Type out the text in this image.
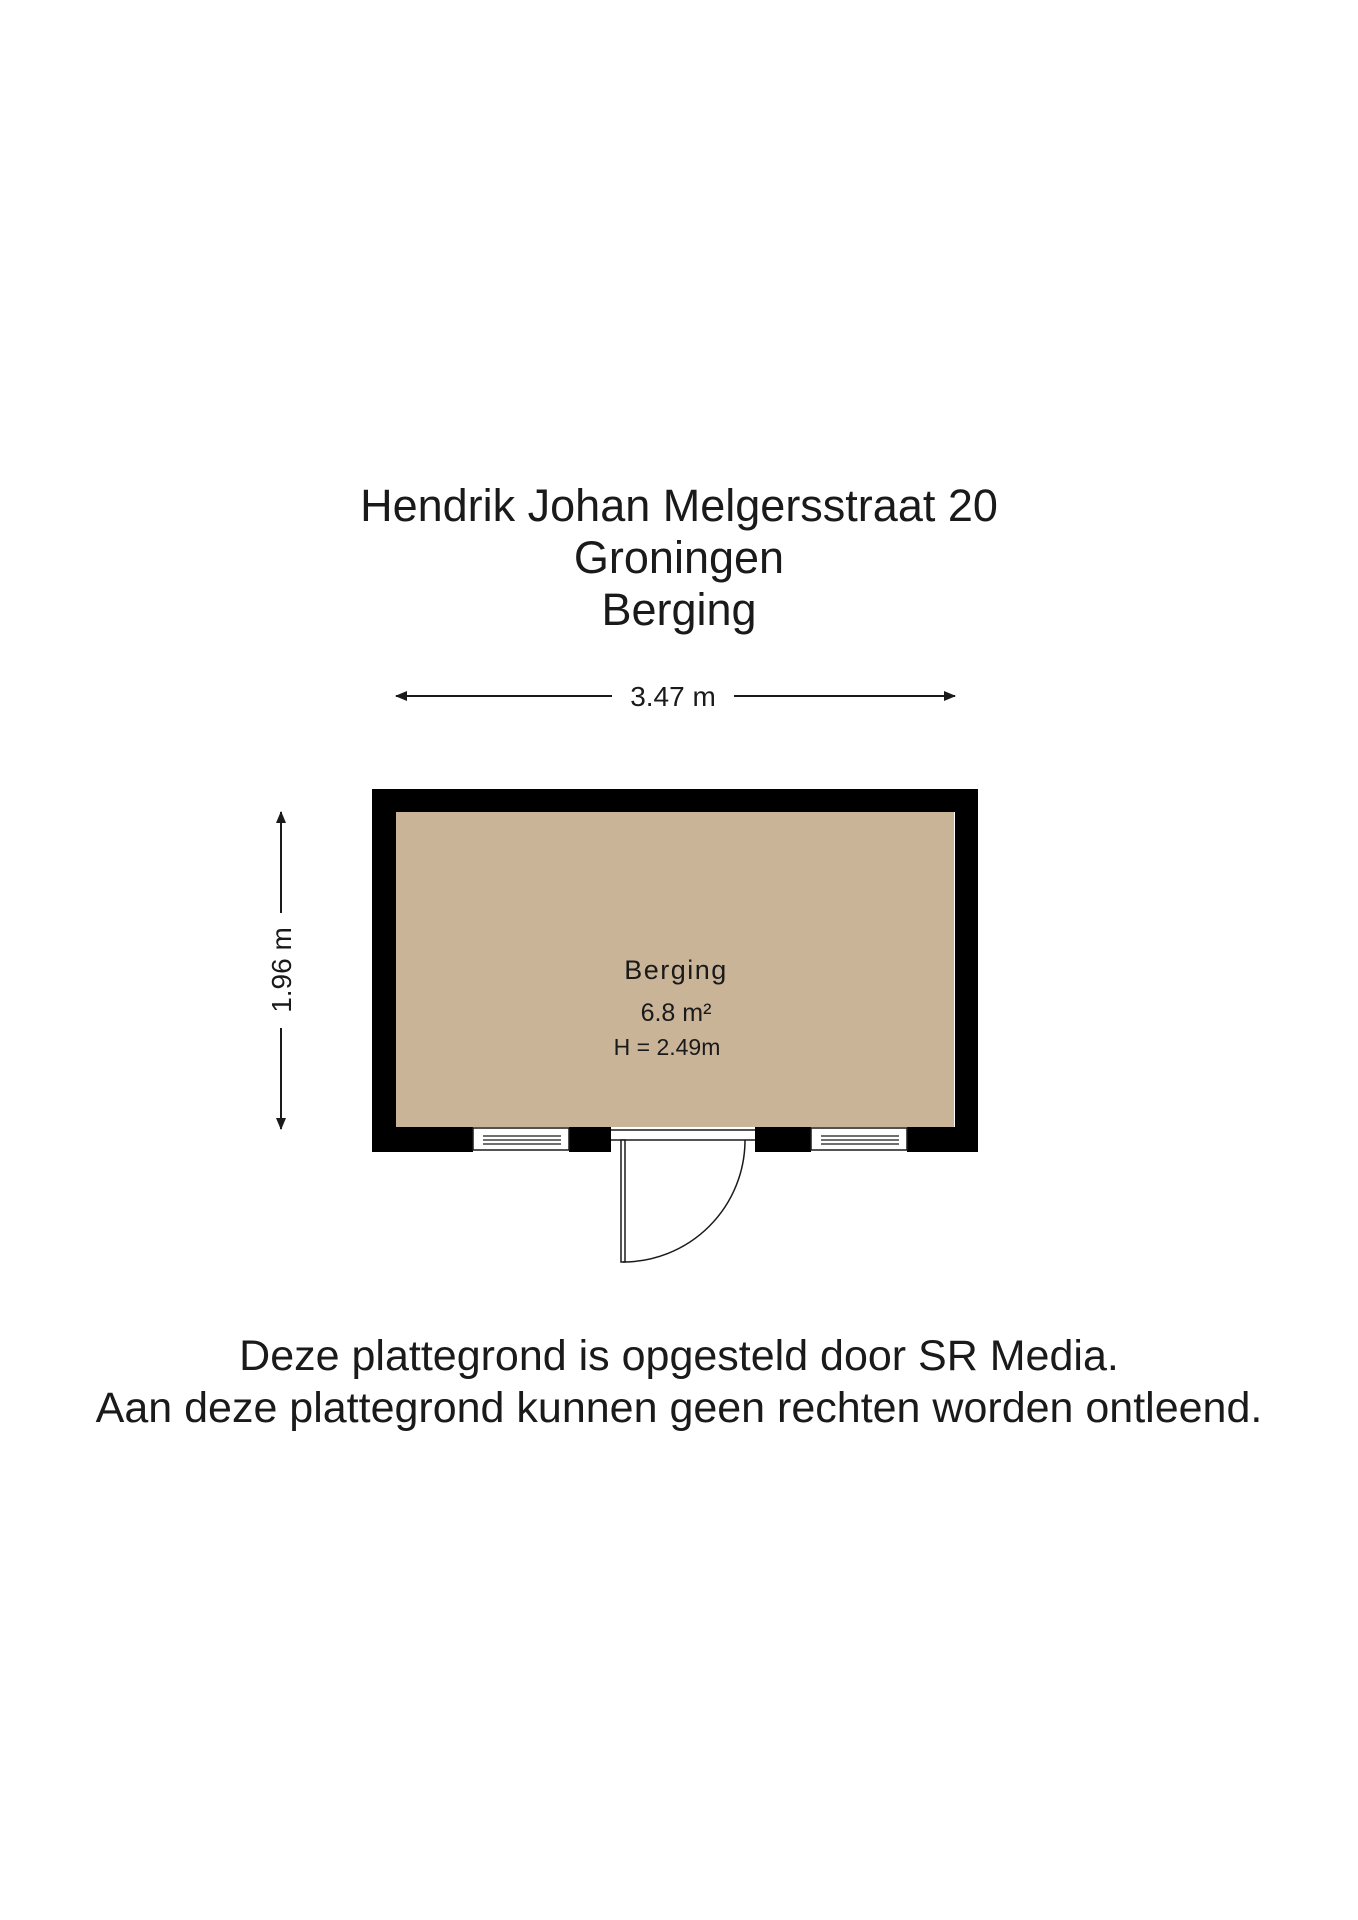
Hendrik Johan Melgersstraat 20
Groningen
Berging
3.47 m
1.96 m	Berging
6.8 m²
H = 2.49m
Deze plattegrond is opgesteld door SR Media.
Aan deze plattegrond kunnen geen rechten worden ontleend.
